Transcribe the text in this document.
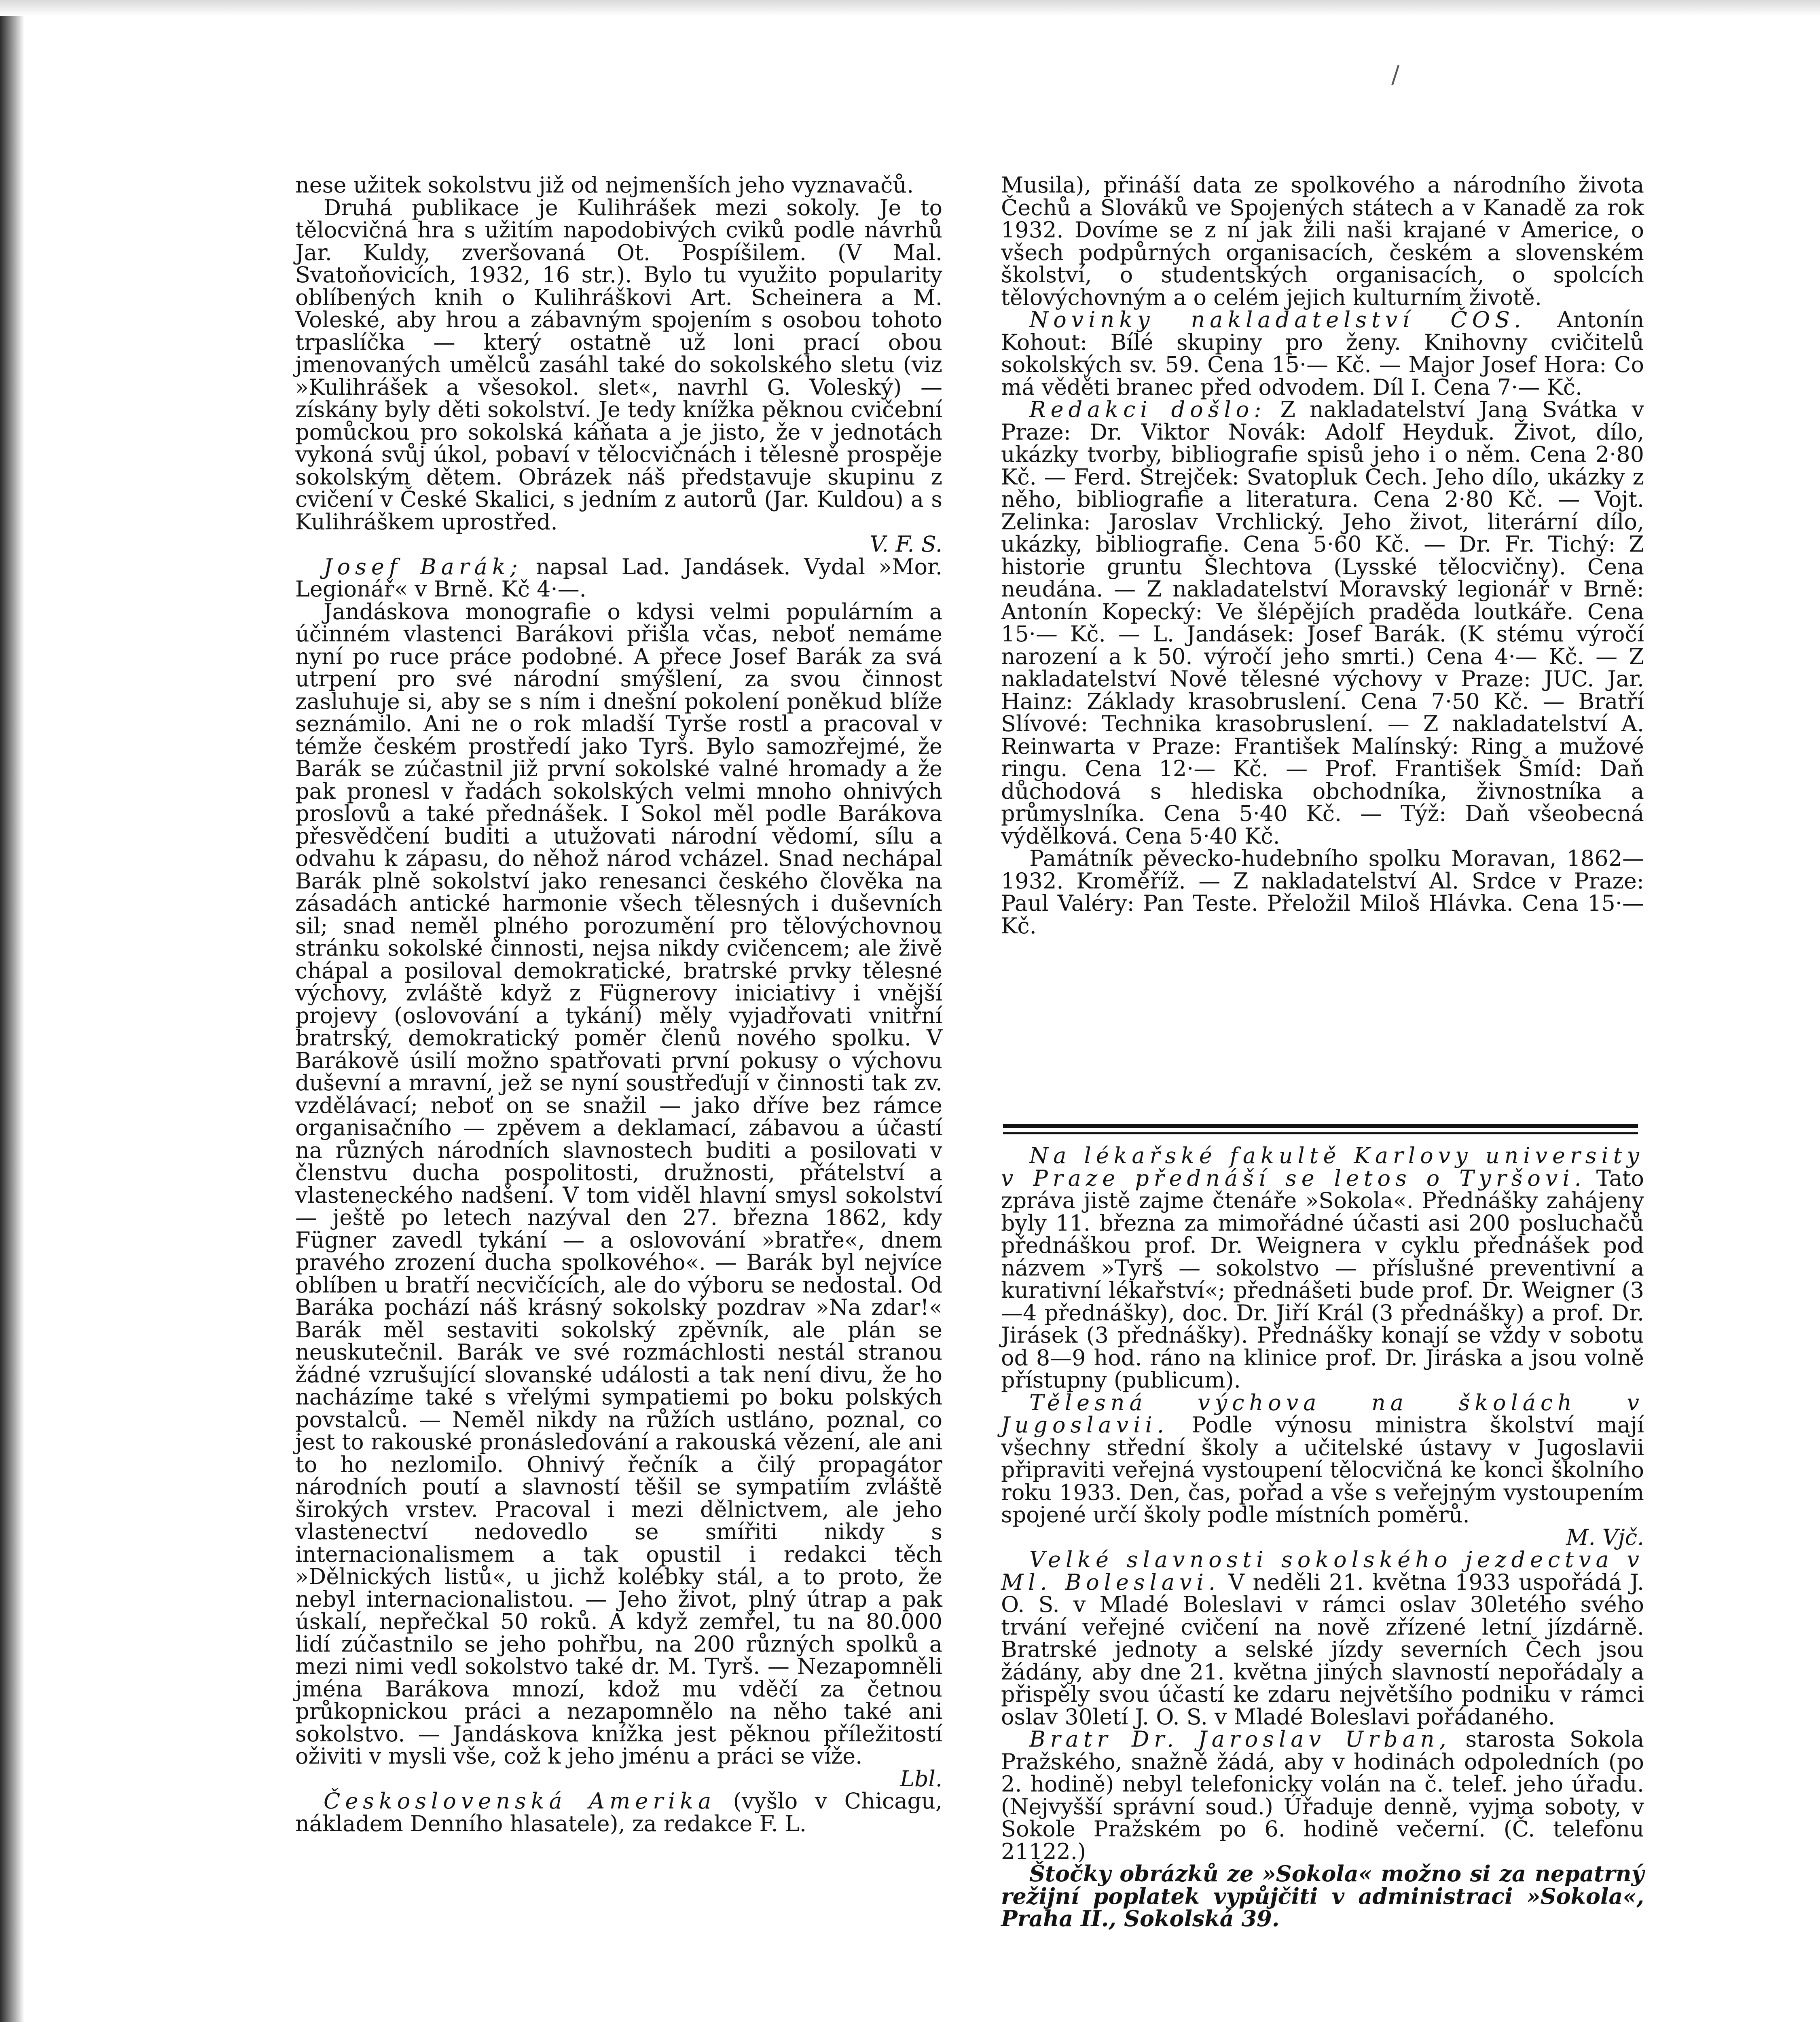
/

nese užitek sokolstvu již od nejmenších jeho vyznavačů.

Druhá publikace je Kulihrášek mezi sokoly. Je to tělocvičná hra s užitím napodobivých cviků podle návrhů Jar. Kuldy, zveršovaná Ot. Pospíšilem. (V Mal. Svatoňovicích, 1932, 16 str.). Bylo tu využito popularity oblíbených knih o Kulihráškovi Art. Scheinera a M. Voleské, aby hrou a zábavným spojením s osobou tohoto trpaslíčka — který ostatně už loni prací obou jmenovaných umělců zasáhl také do sokolského sletu (viz »Kulihrášek a všesokol. slet«, navrhl G. Voleský) — získány byly děti sokolství. Je tedy knížka pěknou cvičební pomůckou pro sokolská káňata a je jisto, že v jednotách vykoná svůj úkol, pobaví v tělocvičnách i tělesně prospěje sokolským dětem. Obrázek náš představuje skupinu z cvičení v České Skalici, s jedním z autorů (Jar. Kuldou) a s Kulihráškem uprostřed.

V. F. S.

Josef Barák; napsal Lad. Jandásek. Vydal »Mor. Legionář« v Brně. Kč 4·—.

Jandáskova monografie o kdysi velmi populárním a účinném vlastenci Barákovi přišla včas, neboť nemáme nyní po ruce práce podobné. A přece Josef Barák za svá utrpení pro své národní smýšlení, za svou činnost zasluhuje si, aby se s ním i dnešní pokolení poněkud blíže seznámilo. Ani ne o rok mladší Tyrše rostl a pracoval v témže českém prostředí jako Tyrš. Bylo samozřejmé, že Barák se zúčastnil již první sokolské valné hromady a že pak pronesl v řadách sokolských velmi mnoho ohnivých proslovů a také přednášek. I Sokol měl podle Barákova přesvědčení buditi a utužovati národní vědomí, sílu a odvahu k zápasu, do něhož národ vcházel. Snad nechápal Barák plně sokolství jako renesanci českého člověka na zásadách antické harmonie všech tělesných i duševních sil; snad neměl plného porozumění pro tělovýchovnou stránku sokolské činnosti, nejsa nikdy cvičencem; ale živě chápal a posiloval demokratické, bratrské prvky tělesné výchovy, zvláště když z Fügnerovy iniciativy i vnější projevy (oslovování a tykání) měly vyjadřovati vnitřní bratrský, demokratický poměr členů nového spolku. V Barákově úsilí možno spatřovati první pokusy o výchovu duševní a mravní, jež se nyní soustřeďují v činnosti tak zv. vzdělávací; neboť on se snažil — jako dříve bez rámce organisačního — zpěvem a deklamací, zábavou a účastí na různých národních slavnostech buditi a posilovati v členstvu ducha pospolitosti, družnosti, přátelství a vlasteneckého nadšení. V tom viděl hlavní smysl sokolství — ještě po letech nazýval den 27. března 1862, kdy Fügner zavedl tykání — a oslovování »bratře«, dnem pravého zrození ducha spolkového«. — Barák byl nejvíce oblíben u bratří necvičících, ale do výboru se nedostal. Od Baráka pochází náš krásný sokolský pozdrav »Na zdar!« Barák měl sestaviti sokolský zpěvník, ale plán se neuskutečnil. Barák ve své rozmáchlosti nestál stranou žádné vzrušující slovanské události a tak není divu, že ho nacházíme také s vřelými sympatiemi po boku polských povstalců. — Neměl nikdy na růžích ustláno, poznal, co jest to rakouské pronásledování a rakouská vězení, ale ani to ho nezlomilo. Ohnivý řečník a čilý propagátor národních poutí a slavností těšil se sympatiím zvláště širokých vrstev. Pracoval i mezi dělnictvem, ale jeho vlastenectví nedovedlo se smířiti nikdy s internacionalismem a tak opustil i redakci těch »Dělnických listů«, u jichž kolébky stál, a to proto, že nebyl internacionalistou. — Jeho život, plný útrap a pak úskalí, nepřečkal 50 roků. A když zemřel, tu na 80.000 lidí zúčastnilo se jeho pohřbu, na 200 různých spolků a mezi nimi vedl sokolstvo také dr. M. Tyrš. — Nezapomněli jména Barákova mnozí, kdož mu vděčí za četnou průkopnickou práci a nezapomnělo na něho také ani sokolstvo. — Jandáskova knížka jest pěknou příležitostí oživiti v mysli vše, což k jeho jménu a práci se víže.

Lbl.

Československá Amerika (vyšlo v Chicagu, nákladem Denního hlasatele), za redakce F. L.

Musila), přináší data ze spolkového a národního života Čechů a Slováků ve Spojených státech a v Kanadě za rok 1932. Dovíme se z ní jak žili naši krajané v Americe, o všech podpůrných organisacích, českém a slovenském školství, o studentských organisacích, o spolcích tělovýchovným a o celém jejich kulturním životě.

Novinky nakladatelství ČOS. Antonín Kohout: Bílé skupiny pro ženy. Knihovny cvičitelů sokolských sv. 59. Cena 15·— Kč. — Major Josef Hora: Co má věděti branec před odvodem. Díl I. Cena 7·— Kč.

Redakci došlo: Z nakladatelství Jana Svátka v Praze: Dr. Viktor Novák: Adolf Heyduk. Život, dílo, ukázky tvorby, bibliografie spisů jeho i o něm. Cena 2·80 Kč. — Ferd. Strejček: Svatopluk Čech. Jeho dílo, ukázky z něho, bibliografie a literatura. Cena 2·80 Kč. — Vojt. Zelinka: Jaroslav Vrchlický. Jeho život, literární dílo, ukázky, bibliografie. Cena 5·60 Kč. — Dr. Fr. Tichý: Z historie gruntu Šlechtova (Lysské tělocvičny). Cena neudána. — Z nakladatelství Moravský legionář v Brně: Antonín Kopecký: Ve šlépějích praděda loutkáře. Cena 15·— Kč. — L. Jandásek: Josef Barák. (K stému výročí narození a k 50. výročí jeho smrti.) Cena 4·— Kč. — Z nakladatelství Nové tělesné výchovy v Praze: JUC. Jar. Hainz: Základy krasobruslení. Cena 7·50 Kč. — Bratří Slívové: Technika krasobruslení. — Z nakladatelství A. Reinwarta v Praze: František Malínský: Ring a mužové ringu. Cena 12·— Kč. — Prof. František Šmíd: Daň důchodová s hlediska obchodníka, živnostníka a průmyslníka. Cena 5·40 Kč. — Týž: Daň všeobecná výdělková. Cena 5·40 Kč.

Památník pěvecko-hudebního spolku Moravan, 1862—1932. Kroměříž. — Z nakladatelství Al. Srdce v Praze: Paul Valéry: Pan Teste. Přeložil Miloš Hlávka. Cena 15·— Kč.

Na lékařské fakultě Karlovy university v Praze přednáší se letos o Tyršovi. Tato zpráva jistě zajme čtenáře »Sokola«. Přednášky zahájeny byly 11. března za mimořádné účasti asi 200 posluchačů přednáškou prof. Dr. Weignera v cyklu přednášek pod názvem »Tyrš — sokolstvo — příslušné preventivní a kurativní lékařství«; přednášeti bude prof. Dr. Weigner (3—4 přednášky), doc. Dr. Jiří Král (3 přednášky) a prof. Dr. Jirásek (3 přednášky). Přednášky konají se vždy v sobotu od 8—9 hod. ráno na klinice prof. Dr. Jiráska a jsou volně přístupny (publicum).

Tělesná výchova na školách v Jugoslavii. Podle výnosu ministra školství mají všechny střední školy a učitelské ústavy v Jugoslavii připraviti veřejná vystoupení tělocvičná ke konci školního roku 1933. Den, čas, pořad a vše s veřejným vystoupením spojené určí školy podle místních poměrů.

M. Vjč.

Velké slavnosti sokolského jezdectva v Ml. Boleslavi. V neděli 21. května 1933 uspořádá J. O. S. v Mladé Boleslavi v rámci oslav 30letého svého trvání veřejné cvičení na nově zřízené letní jízdárně. Bratrské jednoty a selské jízdy severních Čech jsou žádány, aby dne 21. května jiných slavností nepořádaly a přispěly svou účastí ke zdaru největšího podniku v rámci oslav 30letí J. O. S. v Mladé Boleslavi pořádaného.

Bratr Dr. Jaroslav Urban, starosta Sokola Pražského, snažně žádá, aby v hodinách odpoledních (po 2. hodině) nebyl telefonicky volán na č. telef. jeho úřadu. (Nejvyšší správní soud.) Úřaduje denně, vyjma soboty, v Sokole Pražském po 6. hodině večerní. (Č. telefonu 21122.)

Štočky obrázků ze »Sokola« možno si za nepatrný režijní poplatek vypůjčiti v administraci »Sokola«, Praha II., Sokolská 39.
